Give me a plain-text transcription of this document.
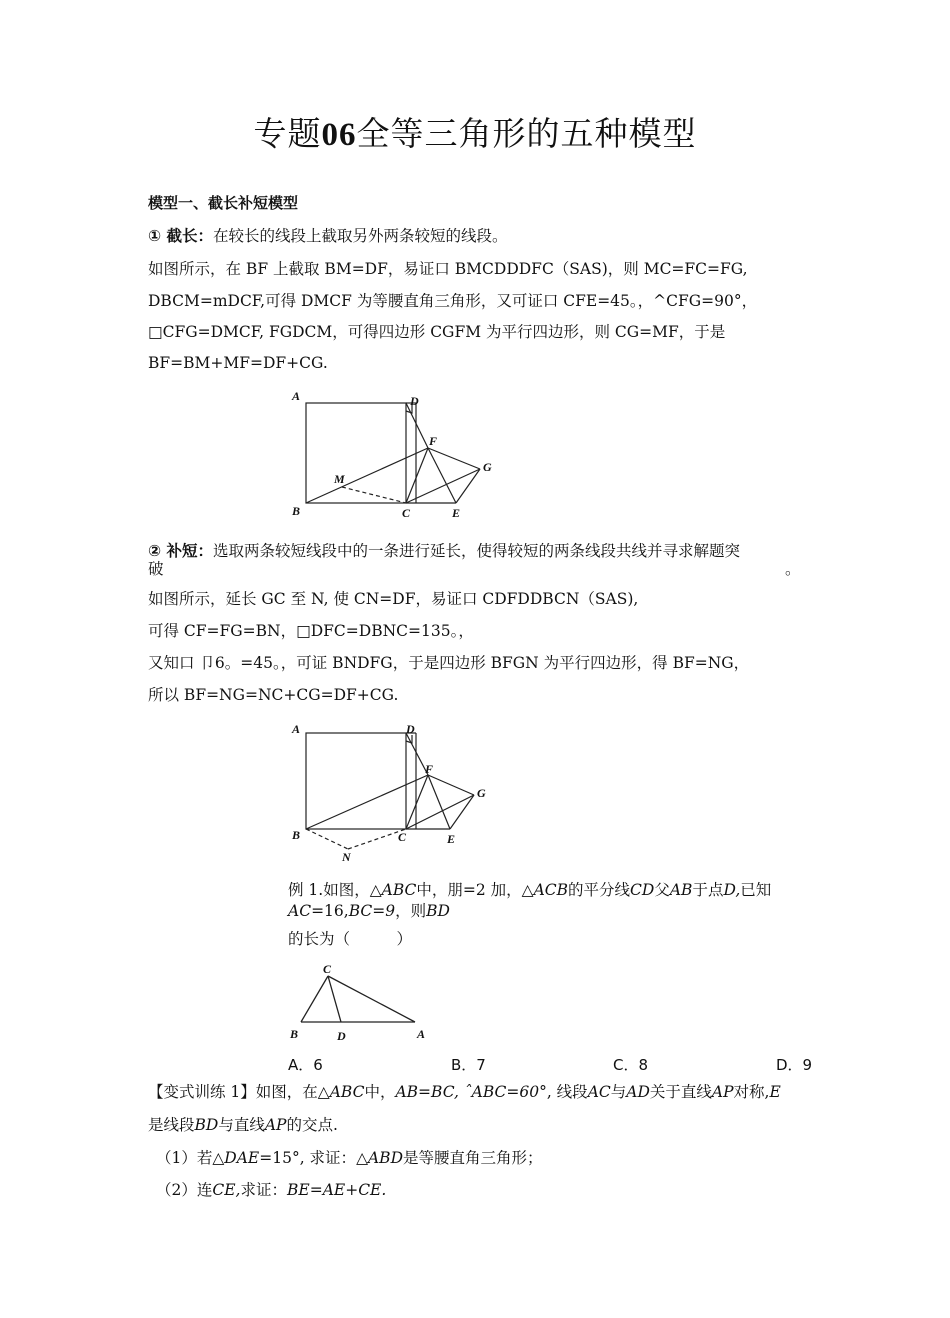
专题06全等三角形的五种模型
模型一、截长补短模型
① 截长：在较长的线段上截取另外两条较短的线段。
如图所示，在 BF 上截取 BM=DF，易证口 BMCDDDFC（SAS)，则 MC=FC=FG,
DBCM=mDCF,可得 DMCF 为等腰直角三角形，又可证口 CFE=45。，^CFG=90°，
□CFG=DMCF, FGDCM，可得四边形 CGFM 为平行四边形，则 CG=MF，于是
BF=BM+MF=DF+CG.
A	D
F
G
M
B	C	E
② 补短：选取两条较短线段中的一条进行延长，使得较短的两条线段共线并寻求解题突
破	。
如图所示，延长 GC 至 N, 使 CN=DF，易证口 CDFDDBCN（SAS),
可得 CF=FG=BN，□DFC=DBNC=135。，
又知口 卩6。=45。，可证 BNDFG，于是四边形 BFGN 为平行四边形，得 BF=NG，
所以 BF=NG=NC+CG=DF+CG.
A	D
F
G
B	C	E
N
例 1.如图，△ABC中，朋=2 加，△ACB的平分线CD父AB于点D,已知
AC=16,BC=9，则BD
的长为（　　　）
C
B	D	A
A．6	B．7	C．8	D．9
【变式训练 1】如图，在△ABC中，AB=BC, ˆABC=60°, 线段AC与AD关于直线AP对称,E
是线段BD与直线AP的交点.
（1）若△DAE=15°, 求证：△ABD是等腰直角三角形；
（2）连CE,求证：BE=AE+CE.
